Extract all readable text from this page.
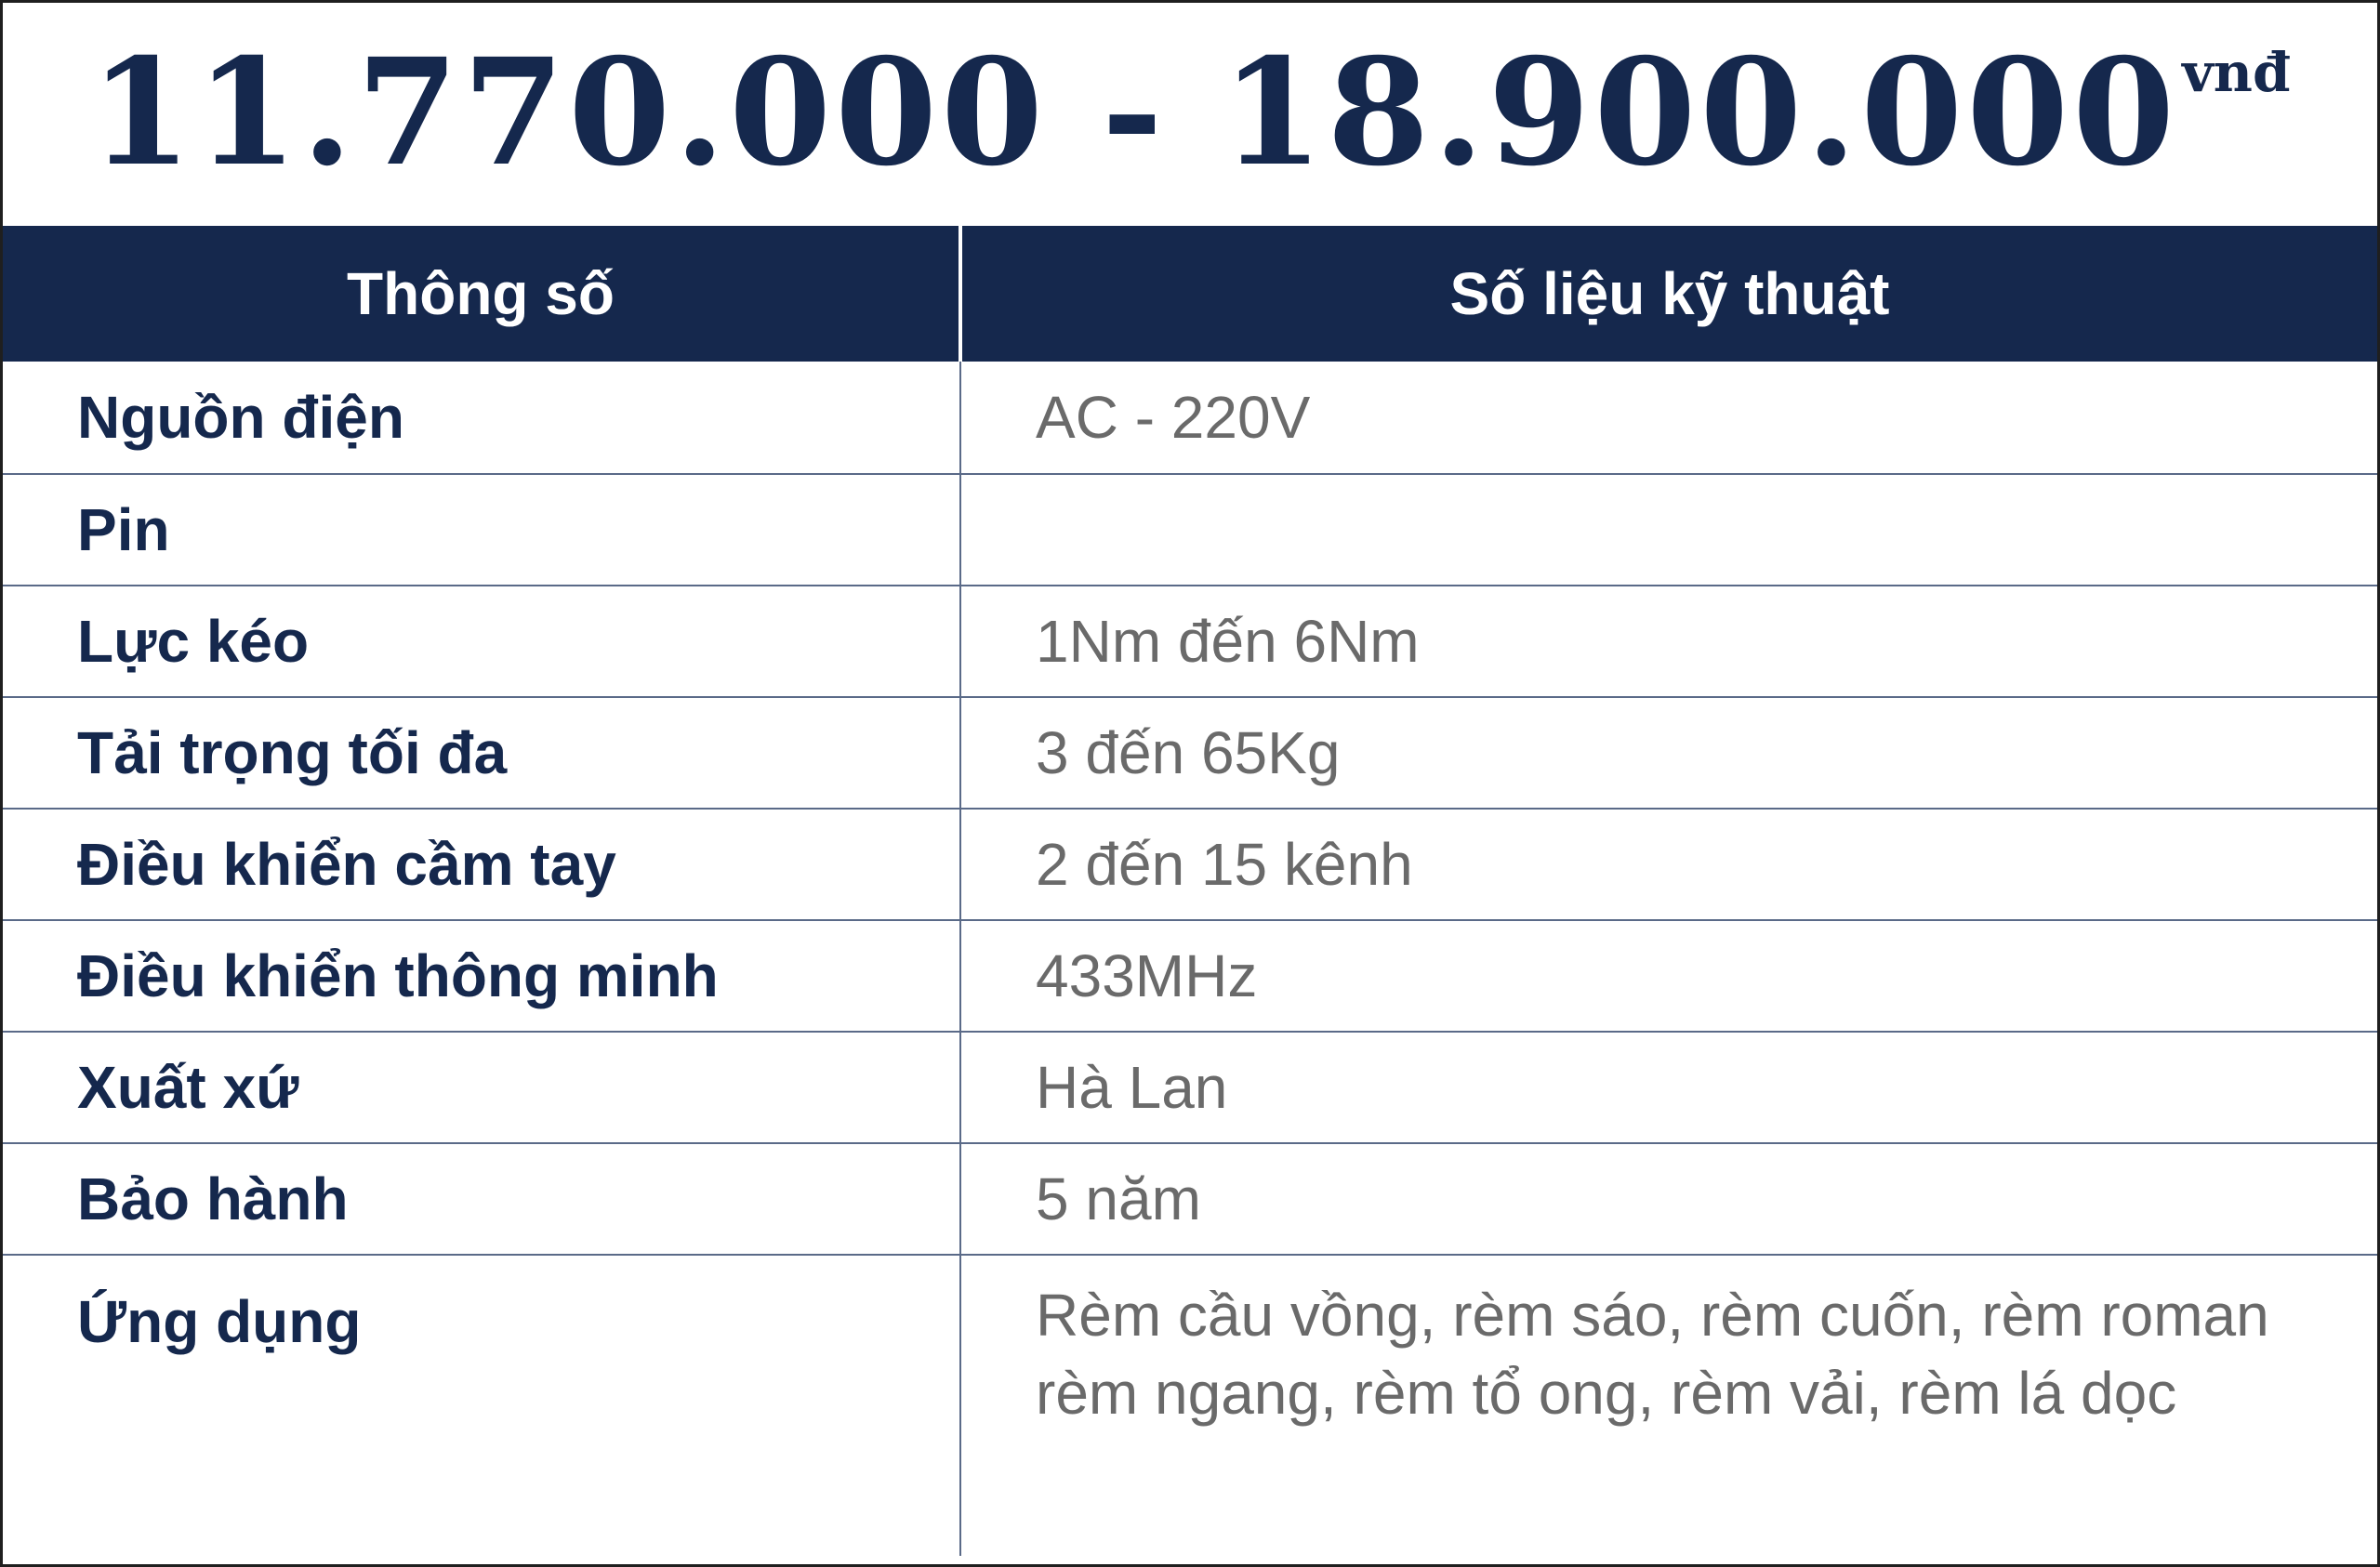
11.770.000 - 18.900.000vnđ
Thông số	Số liệu kỹ thuật
Nguồn điện	AC - 220V
Pin	
Lực kéo	1Nm đến 6Nm
Tải trọng tối đa	3 đến 65Kg
Điều khiển cầm tay	2 đến 15 kênh
Điều khiển thông minh	433MHz
Xuất xứ	Hà Lan
Bảo hành	5 năm
Ứng dụng	Rèm cầu vồng, rèm sáo, rèm cuốn, rèm roman
rèm ngang, rèm tổ ong, rèm vải, rèm lá dọc
